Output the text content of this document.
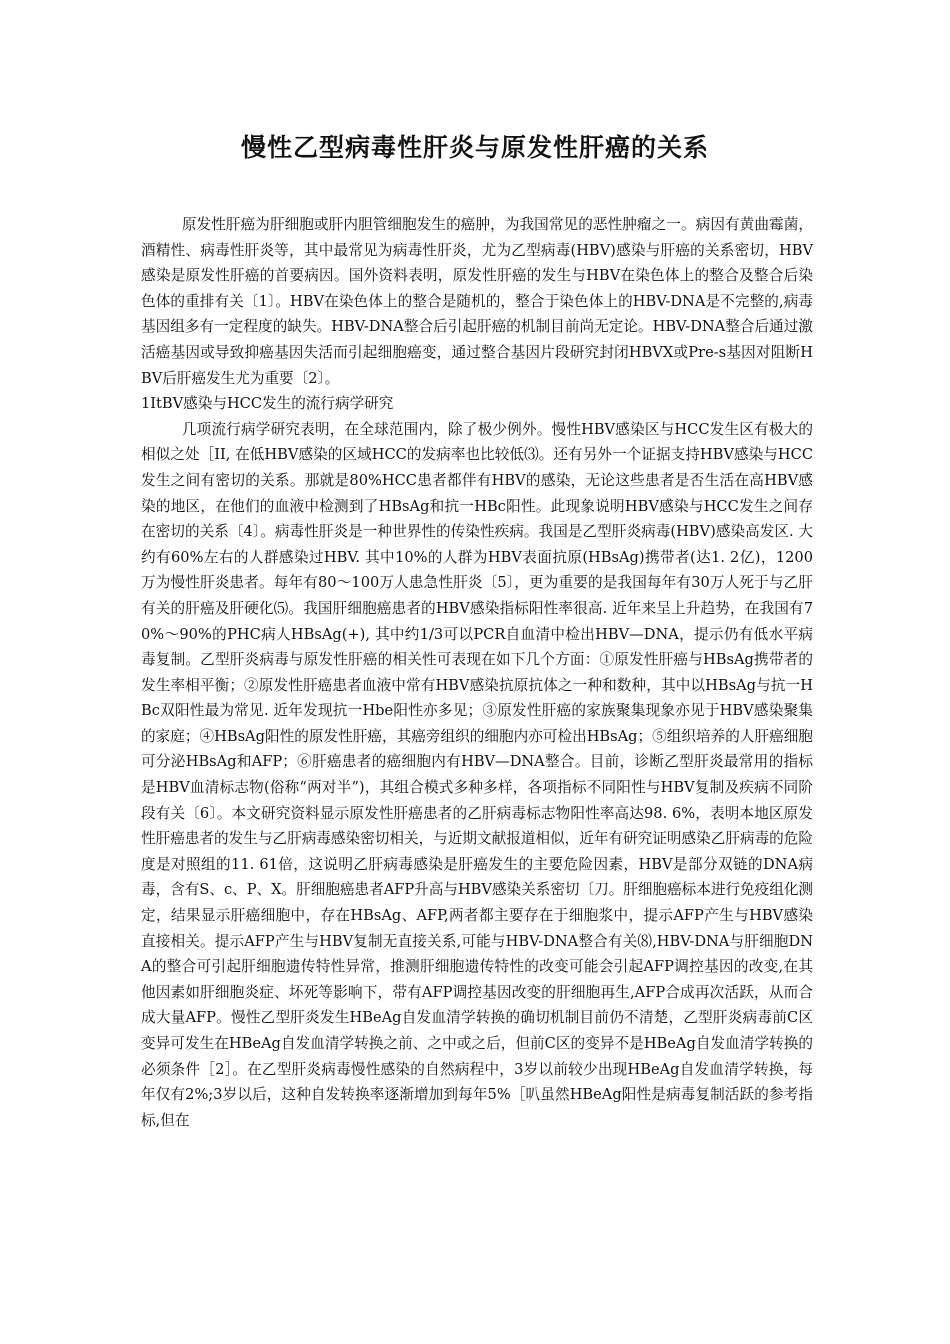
慢性乙型病毒性肝炎与原发性肝癌的关系

原发性肝癌为肝细胞或肝内胆管细胞发生的癌肿，为我国常见的恶性肿瘤之一。病因有黄曲霉菌，酒精性、病毒性肝炎等，其中最常见为病毒性肝炎，尤为乙型病毒(HBV)感染与肝癌的关系密切，HBV感染是原发性肝癌的首要病因。国外资料表明，原发性肝癌的发生与HBV在染色体上的整合及整合后染色体的重排有关〔1〕。HBV在染色体上的整合是随机的，整合于染色体上的HBV-DNA是不完整的,病毒基因组多有一定程度的缺失。HBV-DNA整合后引起肝癌的机制目前尚无定论。HBV-DNA整合后通过激活癌基因或导致抑癌基因失活而引起细胞癌变，通过整合基因片段研究封闭HBVX或Pre-s基因对阻断HBV后肝癌发生尤为重要〔2〕。

1ItBV感染与HCC发生的流行病学研究

几项流行病学研究表明，在全球范围内，除了极少例外。慢性HBV感染区与HCC发生区有极大的相似之处［II, 在低HBV感染的区域HCC的发病率也比较低⑶。还有另外一个证据支持HBV感染与HCC发生之间有密切的关系。那就是80%HCC患者都伴有HBV的感染，无论这些患者是否生活在高HBV感染的地区，在他们的血液中检测到了HBsAg和抗一HBc阳性。此现象说明HBV感染与HCC发生之间存在密切的关系〔4〕。病毒性肝炎是一种世界性的传染性疾病。我国是乙型肝炎病毒(HBV)感染高发区. 大约有60%左右的人群感染过HBV. 其中10%的人群为HBV表面抗原(HBsAg)携带者(达1. 2亿)，1200万为慢性肝炎患者。每年有80〜100万人患急性肝炎〔5〕，更为重要的是我国每年有30万人死于与乙肝有关的肝癌及肝硬化⑸。我国肝细胞癌患者的HBV感染指标阳性率很高. 近年来呈上升趋势，在我国有70%〜90%的PHC病人HBsAg(+), 其中约1/3可以PCR自血清中检出HBV—DNA，提示仍有低水平病毒复制。乙型肝炎病毒与原发性肝癌的相关性可表现在如下几个方面：①原发性肝癌与HBsAg携带者的发生率相平衡；②原发性肝癌患者血液中常有HBV感染抗原抗体之一种和数种，其中以HBsAg与抗一HBc双阳性最为常见. 近年发现抗一Hbe阳性亦多见；③原发性肝癌的家族聚集现象亦见于HBV感染聚集的家庭；④HBsAg阳性的原发性肝癌，其癌旁组织的细胞内亦可检出HBsAg；⑤组织培养的人肝癌细胞可分泌HBsAg和AFP；⑥肝癌患者的癌细胞内有HBV—DNA整合。目前，诊断乙型肝炎最常用的指标是HBV血清标志物(俗称“两对半”)，其组合模式多种多样，各项指标不同阳性与HBV复制及疾病不同阶段有关〔6〕。本文研究资料显示原发性肝癌患者的乙肝病毒标志物阳性率高达98. 6%，表明本地区原发性肝癌患者的发生与乙肝病毒感染密切相关，与近期文献报道相似，近年有研究证明感染乙肝病毒的危险度是对照组的11. 61倍，这说明乙肝病毒感染是肝癌发生的主要危险因素，HBV是部分双链的DNA病毒，含有S、c、P、X。肝细胞癌患者AFP升高与HBV感染关系密切〔刀。肝细胞癌标本进行免疫组化测定，结果显示肝癌细胞中，存在HBsAg、AFP,两者都主要存在于细胞浆中，提示AFP产生与HBV感染直接相关。提示AFP产生与HBV复制无直接关系,可能与HBV-DNA整合有关⑻,HBV-DNA与肝细胞DNA的整合可引起肝细胞遗传特性异常，推测肝细胞遗传特性的改变可能会引起AFP调控基因的改变,在其他因素如肝细胞炎症、坏死等影响下，带有AFP调控基因改变的肝细胞再生,AFP合成再次活跃，从而合成大量AFP。慢性乙型肝炎发生HBeAg自发血清学转换的确切机制目前仍不清楚，乙型肝炎病毒前C区变异可发生在HBeAg自发血清学转换之前、之中或之后，但前C区的变异不是HBeAg自发血清学转换的必须条件［2］。在乙型肝炎病毒慢性感染的自然病程中，3岁以前较少出现HBeAg自发血清学转换，每年仅有2%;3岁以后，这种自发转换率逐渐增加到每年5%［叭虽然HBeAg阳性是病毒复制活跃的参考指标,但在
